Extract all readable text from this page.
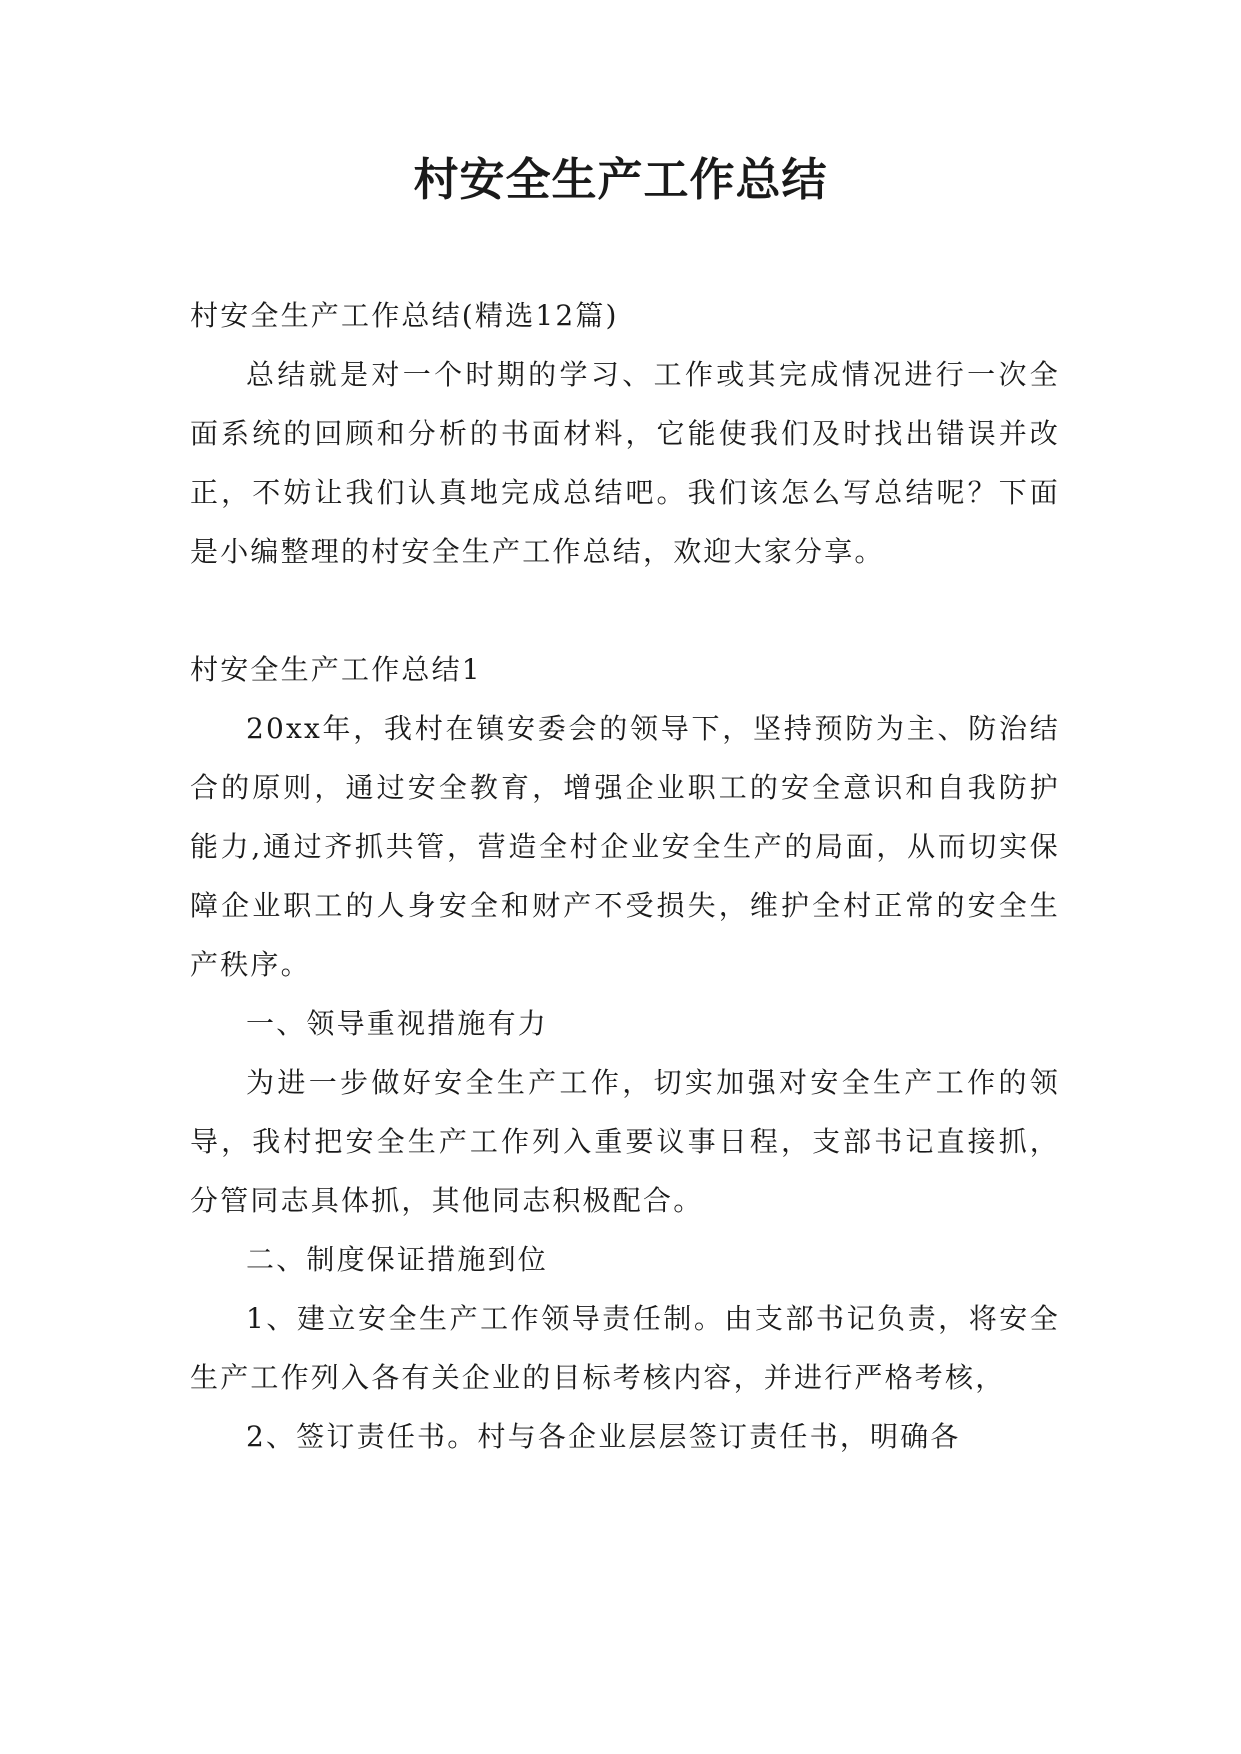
村安全生产工作总结

村安全生产工作总结(精选12篇)

总结就是对一个时期的学习、工作或其完成情况进行一次全面系统的回顾和分析的书面材料，它能使我们及时找出错误并改正，不妨让我们认真地完成总结吧。我们该怎么写总结呢？下面是小编整理的村安全生产工作总结，欢迎大家分享。

村安全生产工作总结1

20xx年，我村在镇安委会的领导下，坚持预防为主、防治结合的原则，通过安全教育，增强企业职工的安全意识和自我防护能力,通过齐抓共管，营造全村企业安全生产的局面，从而切实保障企业职工的人身安全和财产不受损失，维护全村正常的安全生产秩序。

一、领导重视措施有力

为进一步做好安全生产工作，切实加强对安全生产工作的领导，我村把安全生产工作列入重要议事日程，支部书记直接抓，分管同志具体抓，其他同志积极配合。

二、制度保证措施到位

1、建立安全生产工作领导责任制。由支部书记负责，将安全生产工作列入各有关企业的目标考核内容，并进行严格考核，

2、签订责任书。村与各企业层层签订责任书，明确各
